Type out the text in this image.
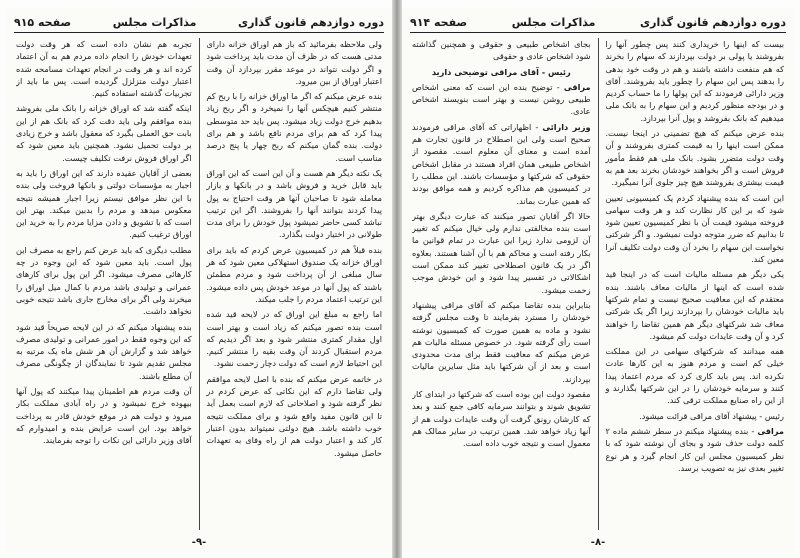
دوره دوازدهم قانون گذاری
مذاکرات مجلس
صفحه ۹۱۵

ولی ملاحظه بفرمائید که باز هم اوراق خزانه دارای مدتی هست که در ظرف آن مدت باید پرداخت شود و اگر دولت نتواند در موعد مقرر بپردازد آن وقت اعتبار اوراق از بین میرود.

بنده عرض میکنم که اگر ما اوراق خزانه را با ربح کم منتشر کنیم هیچکس آنها را نمیخرد و اگر ربح زیاد بدهیم خرج دولت زیاد میشود. پس باید حد متوسطی پیدا کرد که هم برای مردم نافع باشد و هم برای دولت. بنده گمان میکنم که ربح چهار یا پنج درصد مناسب است.

یک نکته دیگر هم هست و آن این است که این اوراق باید قابل خرید و فروش باشد و در بانکها و بازار معامله شود تا صاحبان آنها هر وقت احتیاج به پول پیدا کردند بتوانند آنها را بفروشند. اگر این ترتیب نباشد کسی حاضر نمیشود پول خودش را برای مدت طولانی در اختیار دولت بگذارد.

بنده قبلاً هم در کمیسیون عرض کردم که باید برای اوراق خزانه یک صندوق استهلاکی معین شود که هر سال مبلغی از آن پرداخت شود و مردم مطمئن باشند که پول آنها در موعد خودش پس داده میشود. این ترتیب اعتماد مردم را جلب میکند.

اما راجع به مبلغ این اوراق که در لایحه قید شده است بنده تصور میکنم که زیاد است و بهتر است اول مقدار کمتری منتشر شود و بعد اگر دیدیم که مردم استقبال کردند آن وقت بقیه را منتشر کنیم. این احتیاط لازم است که دولت دچار زحمت نشود.

در خاتمه عرض میکنم که بنده با اصل لایحه موافقم ولی تقاضا دارم که این نکاتی که عرض کردم در نظر گرفته شود و اصلاحاتی که لازم است بعمل آید تا این قانون مفید واقع شود و برای مملکت نتیجه خوب داشته باشد. هیچ دولتی نمیتواند بدون اعتبار کار کند و اعتبار دولت هم از راه وفای به تعهدات حاصل میشود.

تجربه هم نشان داده است که هر وقت دولت تعهدات خودش را انجام داده مردم هم به آن اعتماد کرده اند و هر وقت در انجام تعهدات مسامحه شده اعتبار دولت متزلزل گردیده است. پس ما باید از تجربیات گذشته استفاده کنیم.

اینکه گفته شد که اوراق خزانه را بانک ملی بفروشد بنده موافقم ولی باید دقت کرد که بانک هم از این بابت حق العملی بگیرد که معقول باشد و خرج زیادی بر دولت تحمیل نشود. همچنین باید معین شود که اگر اوراق فروش نرفت تکلیف چیست.

بعضی از آقایان عقیده دارند که این اوراق را باید به اجبار به مؤسسات دولتی و بانکها فروخت ولی بنده با این نظر موافق نیستم زیرا اجبار همیشه نتیجه معکوس میدهد و مردم را بدبین میکند. بهتر این است که با تشویق و دادن مزایا مردم را به خرید این اوراق ترغیب کنیم.

مطلب دیگری که باید عرض کنم راجع به مصرف این پول است. باید معین شود که این وجوه در چه کارهائی مصرف میشود. اگر این پول برای کارهای عمرانی و تولیدی باشد مردم با کمال میل اوراق را میخرند ولی اگر برای مخارج جاری باشد نتیجه خوبی نخواهد داشت.

بنده پیشنهاد میکنم که در این لایحه صریحاً قید شود که این وجوه فقط در امور عمرانی و تولیدی مصرف خواهد شد و گزارش آن هر شش ماه یک مرتبه به مجلس تقدیم شود تا نمایندگان از چگونگی مصرف آن مطلع باشند.

آن وقت مردم هم اطمینان پیدا میکنند که پول آنها بیهوده خرج نمیشود و در راه آبادی مملکت بکار میرود و دولت هم در موقع خودش قادر به پرداخت خواهد بود. این است عرایض بنده و امیدوارم که آقای وزیر دارائی این نکات را توجه بفرمایند.

-۹-
دوره دوازدهم قانون گذاری
مذاکرات مجلس
صفحه ۹۱۴

بیست که اینها را خریداری کنند پس چطور آنها را بفروشند یا پولی بر دولت بپردازند که سهام را بخرند که هم منفعت داشته باشند و هم در وقت خود بدهی را بدهند پس این سهام را چطور باید بفروشند. آقای وزیر دارائی فرمودند که این پولها را ما حساب کردیم و در بودجه منظور کردیم و این سهام را به بانک ملی میدهیم که بانک بفروشد و پول آنرا بپردازد.

بنده عرض میکنم که هیچ تضمینی در اینجا نیست. ممکن است اینها را به قیمت کمتری بفروشند و آن وقت دولت متضرر بشود. بانک ملی هم فقط مأمور فروش است و اگر بخواهند خودشان بخرند بعد هم به قیمت بیشتری بفروشند هیچ چیز جلوی آنرا نمیگیرد.

این است که بنده پیشنهاد کردم یک کمیسیونی تعیین شود که بر این کار نظارت کند و هر وقت سهامی فروخته میشود قیمت آن با نظر کمیسیون تعیین شود تا بدانیم که ضرر متوجه دولت نمیشود. و اگر شرکتی نخواست این سهام را بخرد آن وقت دولت تکلیف آنرا معین کند.

یکی دیگر هم مسئله مالیات است که در اینجا قید شده است که اینها از مالیات معاف باشند. بنده معتقدم که این معافیت صحیح نیست و تمام شرکتها باید مالیات خودشان را بپردازند زیرا اگر یک شرکتی معاف شد شرکتهای دیگر هم همین تقاضا را خواهند کرد و آن وقت عایدات دولت کم میشود.

همه میدانند که شرکتهای سهامی در این مملکت خیلی کم است و مردم هنوز به این کارها عادت نکرده اند. پس باید کاری کرد که مردم اعتماد پیدا کنند و سرمایه خودشان را در این شرکتها بگذارند و از این راه صنایع مملکت ترقی کند.

رئیس - پیشنهاد آقای مراقی قرائت میشود.

مراقی - بنده پیشنهاد میکنم در سطر ششم ماده ۲ کلمه دولت حذف شود و بجای آن نوشته شود که با نظر کمیسیون مجلس این کار انجام گیرد و هر نوع تغییر بعدی نیز به تصویب برسد.

بجای اشخاص طبیعی و حقوقی و همچنین گذاشته شود اشخاص عادی و حقوقی

رئیس - آقای مراقی توضیحی دارید

مراقی - توضیح بنده این است که معنی اشخاص طبیعی روشن نیست و بهتر است بنویسند اشخاص عادی.

وزیر دارائی - اظهاراتی که آقای مراقی فرمودند صحیح است ولی این اصطلاح در قانون تجارت هم آمده است و معنای آن معلوم است. مقصود از اشخاص طبیعی همان افراد هستند در مقابل اشخاص حقوقی که شرکتها و مؤسسات باشند. این مطلب را در کمیسیون هم مذاکره کردیم و همه موافق بودند که همین عبارت بماند.

حالا اگر آقایان تصور میکنند که عبارت دیگری بهتر است بنده مخالفتی ندارم ولی خیال میکنم که تغییر آن لزومی ندارد زیرا این عبارت در تمام قوانین ما بکار رفته است و محاکم هم با آن آشنا هستند. بعلاوه اگر در یک قانون اصطلاحی تغییر کند ممکن است اشکالاتی در تفسیر پیدا شود و این خودش موجب زحمت میشود.

بنابراین بنده تقاضا میکنم که آقای مراقی پیشنهاد خودشان را مسترد بفرمایند تا وقت مجلس گرفته نشود و ماده به همین صورت که کمیسیون نوشته است رأی گرفته شود. در خصوص مسئله مالیات هم عرض میکنم که معافیت فقط برای مدت محدودی است و بعد از آن شرکتها باید مثل سایرین مالیات بپردازند.

مقصود دولت این بوده است که شرکتها در ابتدای کار تشویق شوند و بتوانند سرمایه کافی جمع کنند و بعد که کارشان رونق گرفت آن وقت عایدات دولت هم از آنها زیاد خواهد شد. همین ترتیب در سایر ممالک هم معمول است و نتیجه خوب داده است.

-۸-
